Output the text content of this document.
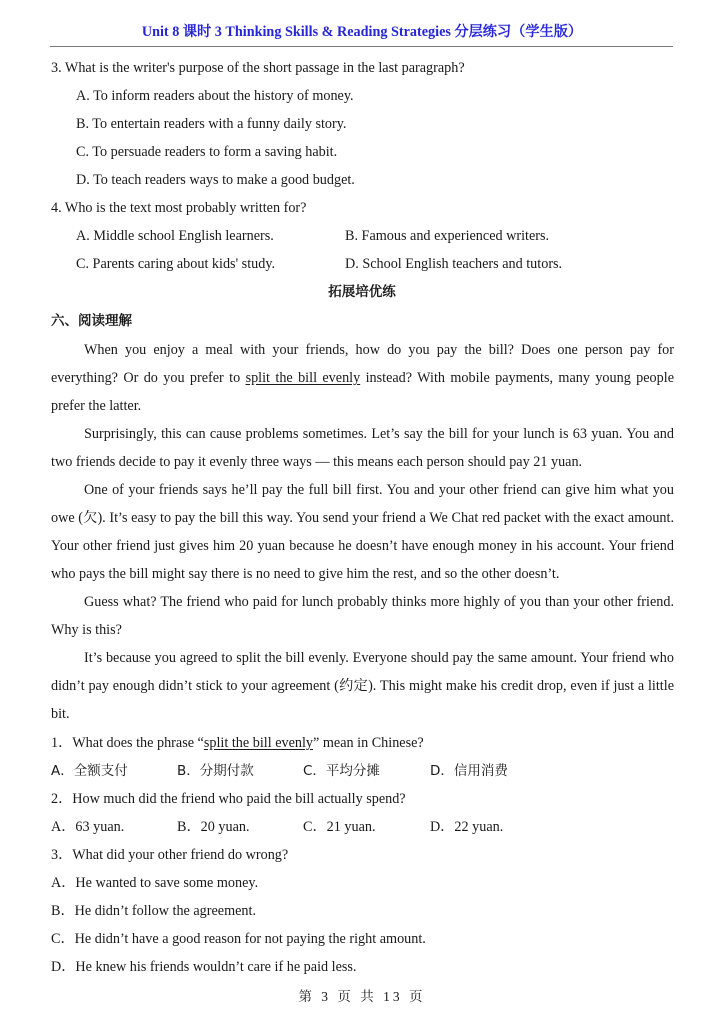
Unit 8 课时 3 Thinking Skills & Reading Strategies 分层练习（学生版）
3. What is the writer's purpose of the short passage in the last paragraph?
A. To inform readers about the history of money.
B. To entertain readers with a funny daily story.
C. To persuade readers to form a saving habit.
D. To teach readers ways to make a good budget.
4. Who is the text most probably written for?
A. Middle school English learners.	B. Famous and experienced writers.
C. Parents caring about kids' study.	D. School English teachers and tutors.
拓展培优练
六、阅读理解
When you enjoy a meal with your friends, how do you pay the bill? Does one person pay for everything? Or do you prefer to split the bill evenly instead? With mobile payments, many young people prefer the latter.
Surprisingly, this can cause problems sometimes. Let’s say the bill for your lunch is 63 yuan. You and two friends decide to pay it evenly three ways — this means each person should pay 21 yuan.
One of your friends says he’ll pay the full bill first. You and your other friend can give him what you owe (欠). It’s easy to pay the bill this way. You send your friend a We Chat red packet with the exact amount. Your other friend just gives him 20 yuan because he doesn’t have enough money in his account. Your friend who pays the bill might say there is no need to give him the rest, and so the other doesn’t.
Guess what? The friend who paid for lunch probably thinks more highly of you than your other friend. Why is this?
It’s because you agreed to split the bill evenly. Everyone should pay the same amount. Your friend who didn’t pay enough didn’t stick to your agreement (约定). This might make his credit drop, even if just a little bit.
1．What does the phrase “split the bill evenly” mean in Chinese?
A．全额支付	B．分期付款	C．平均分摊	D．信用消费
2．How much did the friend who paid the bill actually spend?
A．63 yuan.	B．20 yuan.	C．21 yuan.	D．22 yuan.
3．What did your other friend do wrong?
A．He wanted to save some money.
B．He didn’t follow the agreement.
C．He didn’t have a good reason for not paying the right amount.
D．He knew his friends wouldn’t care if he paid less.
第 3 页 共 13 页
